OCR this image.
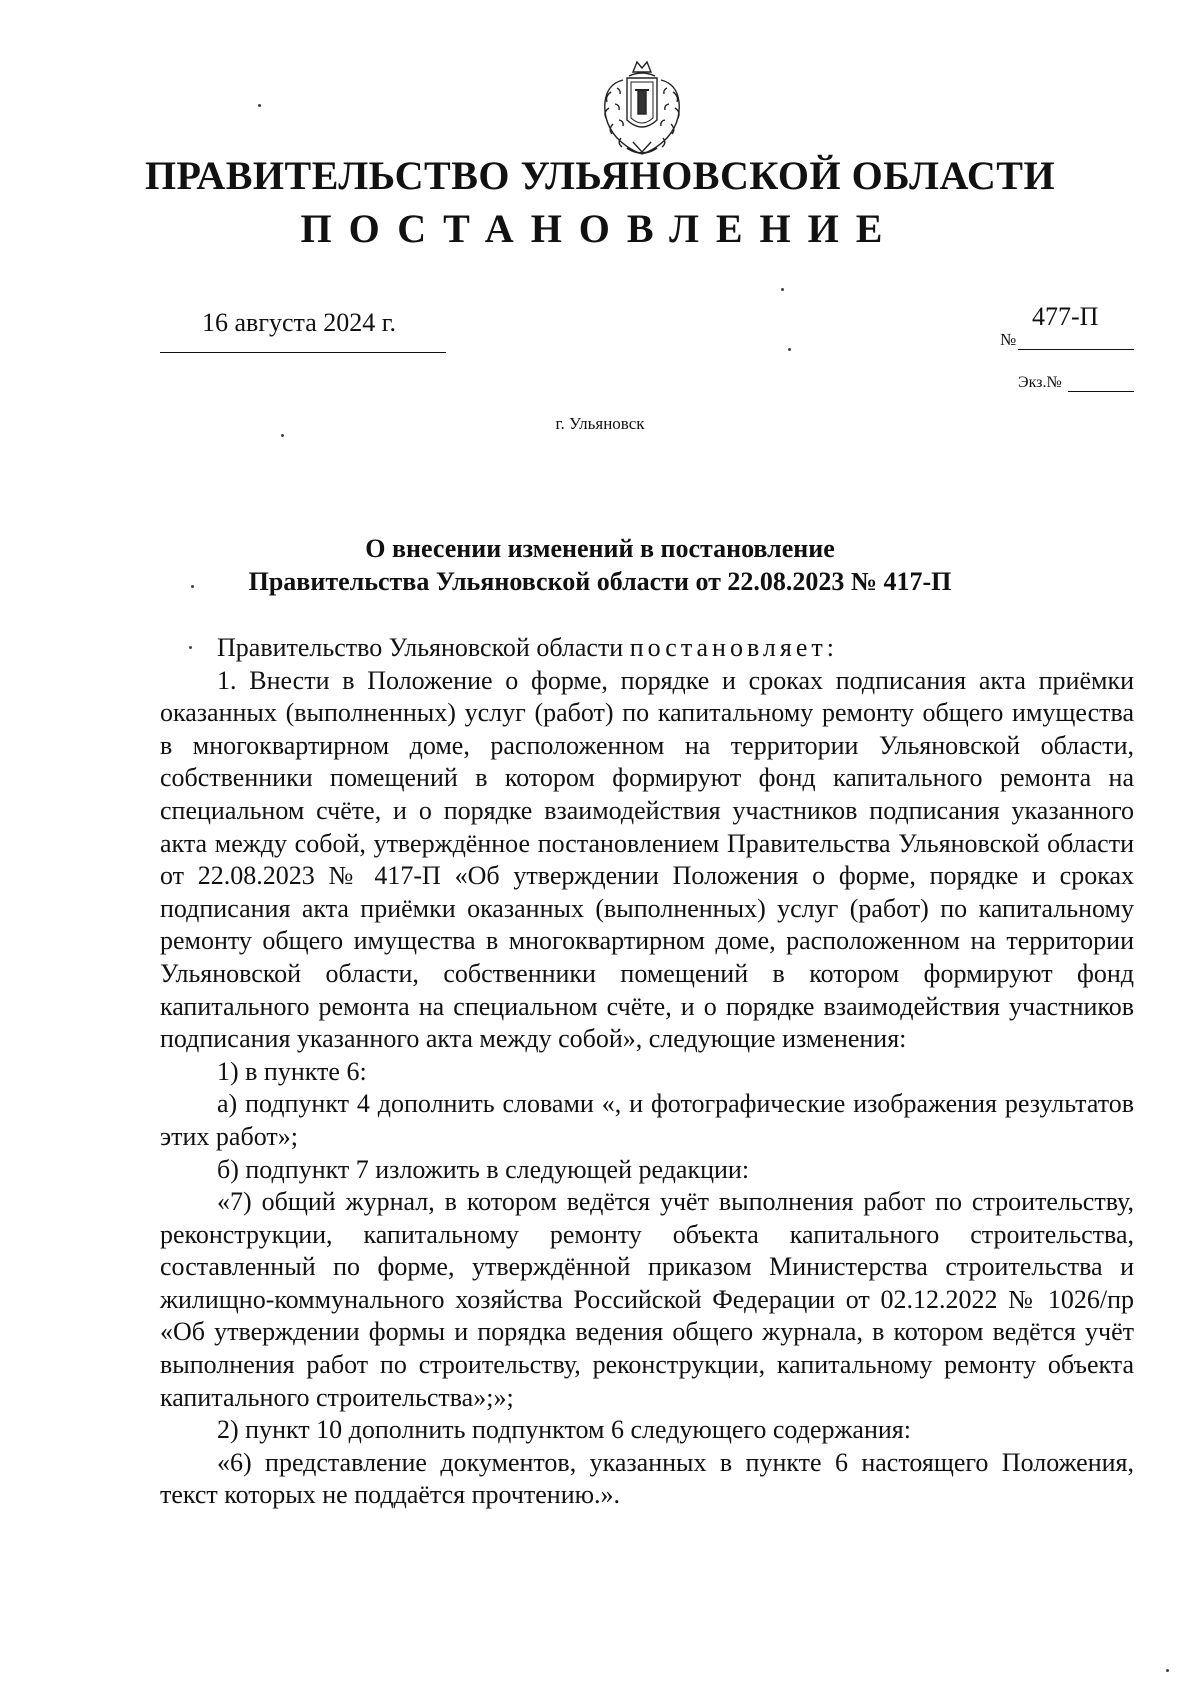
ПРАВИТЕЛЬСТВО УЛЬЯНОВСКОЙ ОБЛАСТИ
ПОСТАНОВЛЕНИЕ
16 августа 2024 г.
№
477-П
Экз.№
г. Ульяновск
О внесении изменений в постановление
Правительства Ульяновской области от 22.08.2023 № 417-П

Правительство Ульяновской области постановляет:

1. Внести в Положение о форме, порядке и сроках подписания акта приёмки оказанных (выполненных) услуг (работ) по капитальному ремонту общего имущества в многоквартирном доме, расположенном на территории Ульяновской области, собственники помещений в котором формируют фонд капитального ремонта на специальном счёте, и о порядке взаимодействия участников подписания указанного акта между собой, утверждённое постановлением Правительства Ульяновской области от 22.08.2023 № 417-П «Об утверждении Положения о форме, порядке и сроках подписания акта приёмки оказанных (выполненных) услуг (работ) по капитальному ремонту общего имущества в многоквартирном доме, расположенном на территории Ульяновской области, собственники помещений в котором формируют фонд капитального ремонта на специальном счёте, и о порядке взаимодействия участников подписания указанного акта между собой», следующие изменения:

1) в пункте 6:

а) подпункт 4 дополнить словами «, и фотографические изображения результатов этих работ»;

б) подпункт 7 изложить в следующей редакции:

«7) общий журнал, в котором ведётся учёт выполнения работ по строительству, реконструкции, капитальному ремонту объекта капитального строительства, составленный по форме, утверждённой приказом Министерства строительства и жилищно-коммунального хозяйства Российской Федерации от 02.12.2022 № 1026/пр «Об утверждении формы и порядка ведения общего журнала, в котором ведётся учёт выполнения работ по строительству, реконструкции, капитальному ремонту объекта капитального строительства»;»;

2) пункт 10 дополнить подпунктом 6 следующего содержания:

«6) представление документов, указанных в пункте 6 настоящего Положения, текст которых не поддаётся прочтению.».
